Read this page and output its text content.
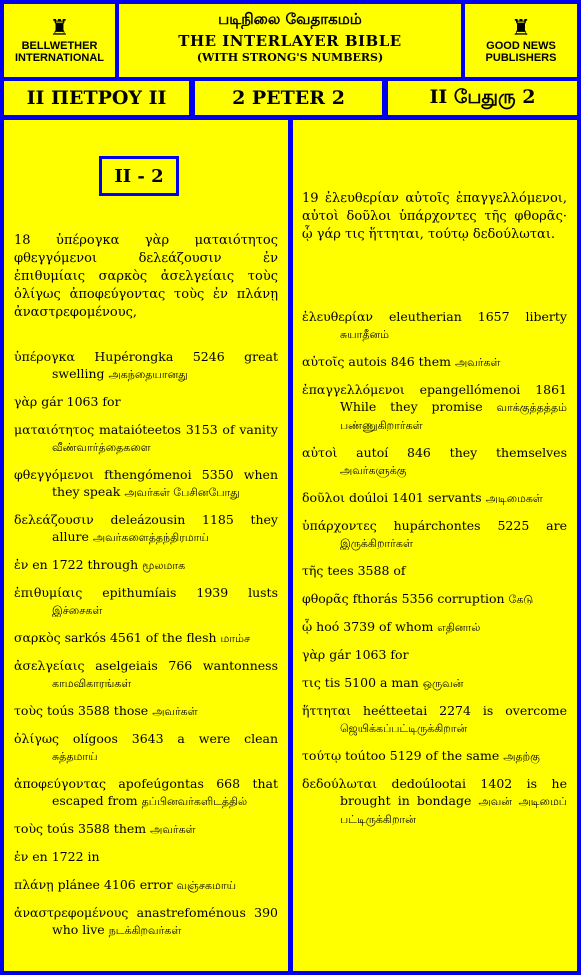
♜
BELLWETHER
INTERNATIONAL
படிநிலை வேதாகமம்
THE INTERLAYER BIBLE
(WITH STRONG'S NUMBERS)
♜
GOOD NEWS
PUBLISHERS
II ΠΕΤΡΟΥ II	2 PETER 2	II பேதுரு 2
II - 2
18 ὑπέρογκα γὰρ ματαιότητος φθεγγόμενοι δελεάζουσιν ἐν ἐπιθυμίαις σαρκὸς ἀσελγείαις τοὺς ὀλίγως ἀποφεύγοντας τοὺς ἐν πλάνῃ ἀναστρεφομένους,
ὑπέρογκα Hupérongka 5246 great swelling அகந்தையானது
γὰρ gár 1063 for
ματαιότητος mataióteetos 3153 of vanity வீண்வார்த்தைகளை
φθεγγόμενοι fthengómenoi 5350 when they speak அவர்கள் பேசினபோது
δελεάζουσιν deleázousin 1185 they allure அவர்களைத்தந்திரமாய்
ἐν en 1722 through மூலமாக
ἐπιθυμίαις epithumíais 1939 lusts இச்சைகள்
σαρκὸς sarkós 4561 of the flesh மாம்ச
ἀσελγείαις aselgeiais 766 wantonness காமவிகாரங்கள்
τοὺς toús 3588 those அவர்கள்
ὀλίγως olígoos 3643 a were clean சுத்தமாய்
ἀποφεύγοντας apofeúgontas 668 that escaped from தப்பினவர்களிடத்தில்
τοὺς toús 3588 them அவர்கள்
ἐν en 1722 in
πλάνῃ plánee 4106 error வஞ்சகமாய்
ἀναστρεφομένους anastrefoménous 390 who live நடக்கிறவர்கள்
19 ἐλευθερίαν αὐτοῖς ἐπαγγελλόμενοι, αὐτοὶ δοῦλοι ὑπάρχοντες τῆς φθορᾶς· ᾧ γάρ τις ἥττηται, τούτῳ δεδούλωται.
ἐλευθερίαν eleutherian 1657 liberty சுயாதீனம்
αὐτοῖς autois 846 them அவர்கள்
ἐπαγγελλόμενοι epangellómenoi 1861 While they promise வாக்குத்தத்தம் பண்ணுகிறார்கள்
αὐτοὶ autoí 846 they themselves அவர்களுக்கு
δοῦλοι doúloi 1401 servants அடிமைகள்
ὑπάρχοντες hupárchontes 5225 are இருக்கிறார்கள்
τῆς tees 3588 of
φθορᾶς fthorás 5356 corruption கேடு
ᾧ hoó 3739 of whom எதினால்
γὰρ gár 1063 for
τις tis 5100 a man ஒருவன்
ἥττηται heétteetai 2274 is overcome ஜெயிக்கப்பட்டிருக்கிறான்
τούτῳ toútoo 5129 of the same அதற்கு
δεδούλωται dedoúlootai 1402 is he brought in bondage அவன் அடிமைப் பட்டிருக்கிறான்
